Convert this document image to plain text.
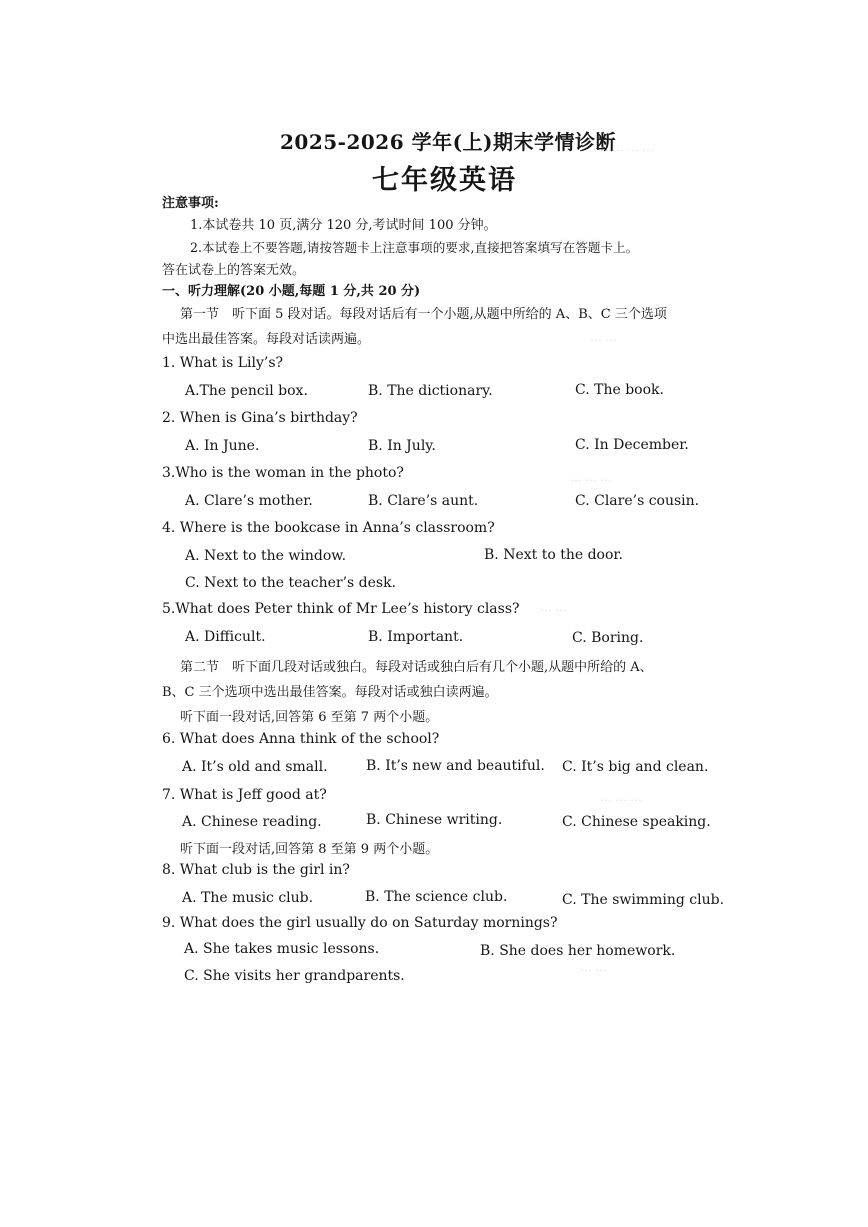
…… … …
… … …
… …
… … …
… …
… … …
… …
2025-2026 学年(上)期末学情诊断
七年级英语
注意事项:
1.本试卷共 10 页,满分 120 分,考试时间 100 分钟。
2.本试卷上不要答题,请按答题卡上注意事项的要求,直接把答案填写在答题卡上。
答在试卷上的答案无效。
一、听力理解(20 小题,每题 1 分,共 20 分)
第一节　听下面 5 段对话。每段对话后有一个小题,从题中所给的 A、B、C 三个选项
中选出最佳答案。每段对话读两遍。
1. What is Lily’s?
A.The pencil box.	B. The dictionary.	C. The book.
2. When is Gina’s birthday?
A. In June.	B. In July.	C. In December.
3.Who is the woman in the photo?
A. Clare’s mother.	B. Clare’s aunt.	C. Clare’s cousin.
4. Where is the bookcase in Anna’s classroom?
A. Next to the window.	B. Next to the door.
C. Next to the teacher’s desk.
5.What does Peter think of Mr Lee’s history class?
A. Difficult.	B. Important.	C. Boring.
第二节　听下面几段对话或独白。每段对话或独白后有几个小题,从题中所给的 A、
B、C 三个选项中选出最佳答案。每段对话或独白读两遍。
听下面一段对话,回答第 6 至第 7 两个小题。
6. What does Anna think of the school?
A. It’s old and small.	B. It’s new and beautiful. C. It’s big and clean.
7. What is Jeff good at?
A. Chinese reading.	B. Chinese writing.	C. Chinese speaking.
听下面一段对话,回答第 8 至第 9 两个小题。
8. What club is the girl in?
A. The music club.	B. The science club.	C. The swimming club.
9. What does the girl usually do on Saturday mornings?
A. She takes music lessons.	B. She does her homework.
C. She visits her grandparents.
